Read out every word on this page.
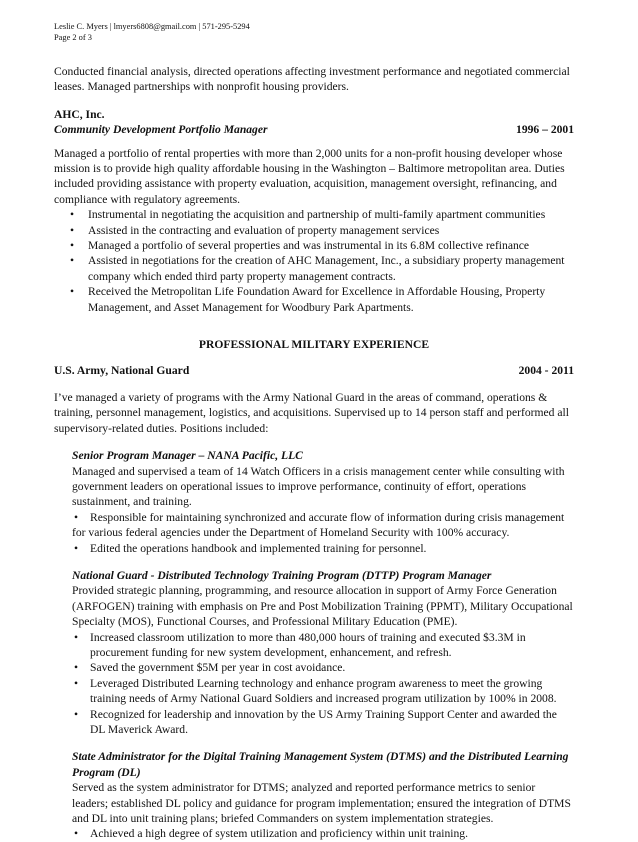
Leslie C. Myers | lmyers6808@gmail.com | 571-295-5294

Page 2 of 3

Conducted financial analysis, directed operations affecting investment performance and negotiated commercial leases. Managed partnerships with nonprofit housing providers.

AHC, Inc.

Community Development Portfolio Manager	1996 – 2001

Managed a portfolio of rental properties with more than 2,000 units for a non-profit housing developer whose mission is to provide high quality affordable housing in the Washington – Baltimore metropolitan area. Duties included providing assistance with property evaluation, acquisition, management oversight, refinancing, and compliance with regulatory agreements.

• Instrumental in negotiating the acquisition and partnership of multi-family apartment communities
• Assisted in the contracting and evaluation of property management services
• Managed a portfolio of several properties and was instrumental in its 6.8M collective refinance
• Assisted in negotiations for the creation of AHC Management, Inc., a subsidiary property management company which ended third party property management contracts.
• Received the Metropolitan Life Foundation Award for Excellence in Affordable Housing, Property Management, and Asset Management for Woodbury Park Apartments.

PROFESSIONAL MILITARY EXPERIENCE

U.S. Army, National Guard	2004 - 2011

I’ve managed a variety of programs with the Army National Guard in the areas of command, operations & training, personnel management, logistics, and acquisitions. Supervised up to 14 person staff and performed all supervisory-related duties. Positions included:

Senior Program Manager – NANA Pacific, LLC

Managed and supervised a team of 14 Watch Officers in a crisis management center while consulting with government leaders on operational issues to improve performance, continuity of effort, operations sustainment, and training.

• Responsible for maintaining synchronized and accurate flow of information during crisis management for various federal agencies under the Department of Homeland Security with 100% accuracy.

• Edited the operations handbook and implemented training for personnel.

National Guard - Distributed Technology Training Program (DTTP) Program Manager

Provided strategic planning, programming, and resource allocation in support of Army Force Generation (ARFOGEN) training with emphasis on Pre and Post Mobilization Training (PPMT), Military Occupational Specialty (MOS), Functional Courses, and Professional Military Education (PME).

• Increased classroom utilization to more than 480,000 hours of training and executed $3.3M in procurement funding for new system development, enhancement, and refresh.
• Saved the government $5M per year in cost avoidance.
• Leveraged Distributed Learning technology and enhance program awareness to meet the growing training needs of Army National Guard Soldiers and increased program utilization by 100% in 2008.
• Recognized for leadership and innovation by the US Army Training Support Center and awarded the DL Maverick Award.

State Administrator for the Digital Training Management System (DTMS) and the Distributed Learning Program (DL)

Served as the system administrator for DTMS; analyzed and reported performance metrics to senior leaders; established DL policy and guidance for program implementation; ensured the integration of DTMS and DL into unit training plans; briefed Commanders on system implementation strategies.

• Achieved a high degree of system utilization and proficiency within unit training.
